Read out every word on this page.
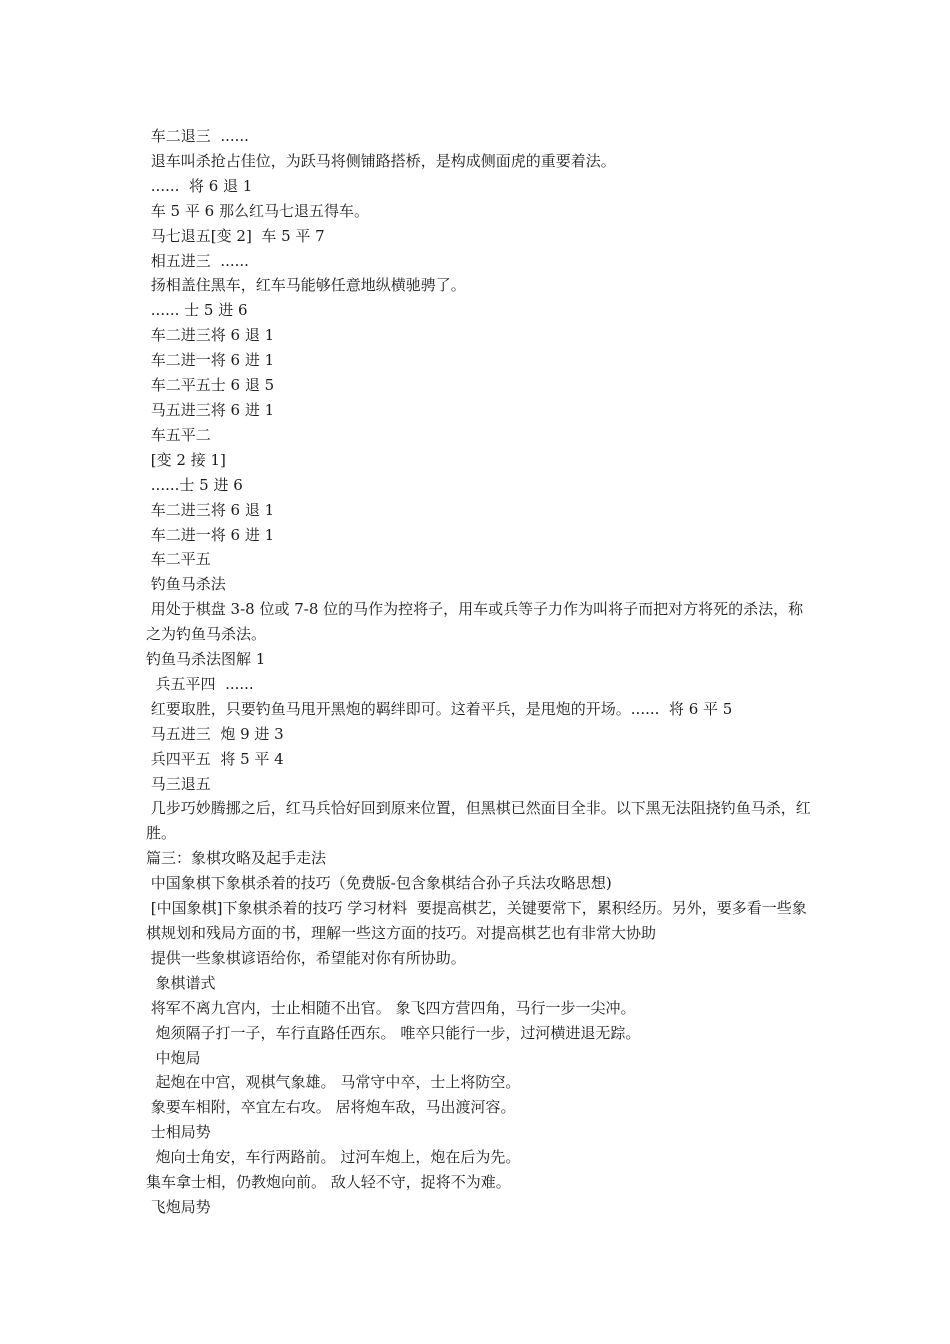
车二退三  ......

退车叫杀抢占佳位，为跃马将侧铺路搭桥，是构成侧面虎的重要着法。

......  将 6 退 1

车 5 平 6 那么红马七退五得车。

马七退五[变 2]  车 5 平 7

相五进三  ......

扬相盖住黑车，红车马能够任意地纵横驰骋了。

...... 士 5 进 6

车二进三将 6 退 1

车二进一将 6 进 1

车二平五士 6 退 5

马五进三将 6 进 1

车五平二

[变 2 接 1]

......士 5 进 6

车二进三将 6 退 1

车二进一将 6 进 1

车二平五

钓鱼马杀法

用处于棋盘 3-8 位或 7-8 位的马作为控将子，用车或兵等子力作为叫将子而把对方将死的杀法，称之为钓鱼马杀法。

钓鱼马杀法图解 1

兵五平四  ......

红要取胜，只要钓鱼马甩开黑炮的羁绊即可。这着平兵，是甩炮的开场。......  将 6 平 5

马五进三  炮 9 进 3

兵四平五  将 5 平 4

马三退五

几步巧妙腾挪之后，红马兵恰好回到原来位置，但黑棋已然面目全非。以下黑无法阻挠钓鱼马杀，红胜。

篇三：象棋攻略及起手走法

中国象棋下象棋杀着的技巧（免费版-包含象棋结合孙子兵法攻略思想)

[中国象棋]下象棋杀着的技巧 学习材料  要提高棋艺，关键要常下，累积经历。另外，要多看一些象棋规划和残局方面的书，理解一些这方面的技巧。对提高棋艺也有非常大协助

提供一些象棋谚语给你，希望能对你有所协助。

象棋谱式

将军不离九宫内，士止相随不出官。 象飞四方营四角，马行一步一尖冲。

炮须隔子打一子，车行直路任西东。 唯卒只能行一步，过河横进退无踪。

中炮局

起炮在中宫，观棋气象雄。 马常守中卒，士上将防空。

象要车相附，卒宜左右攻。 居将炮车敌，马出渡河容。

士相局势

炮向士角安，车行两路前。 过河车炮上，炮在后为先。

集车拿士相，仍教炮向前。 敌人轻不守，捉将不为难。

飞炮局势
